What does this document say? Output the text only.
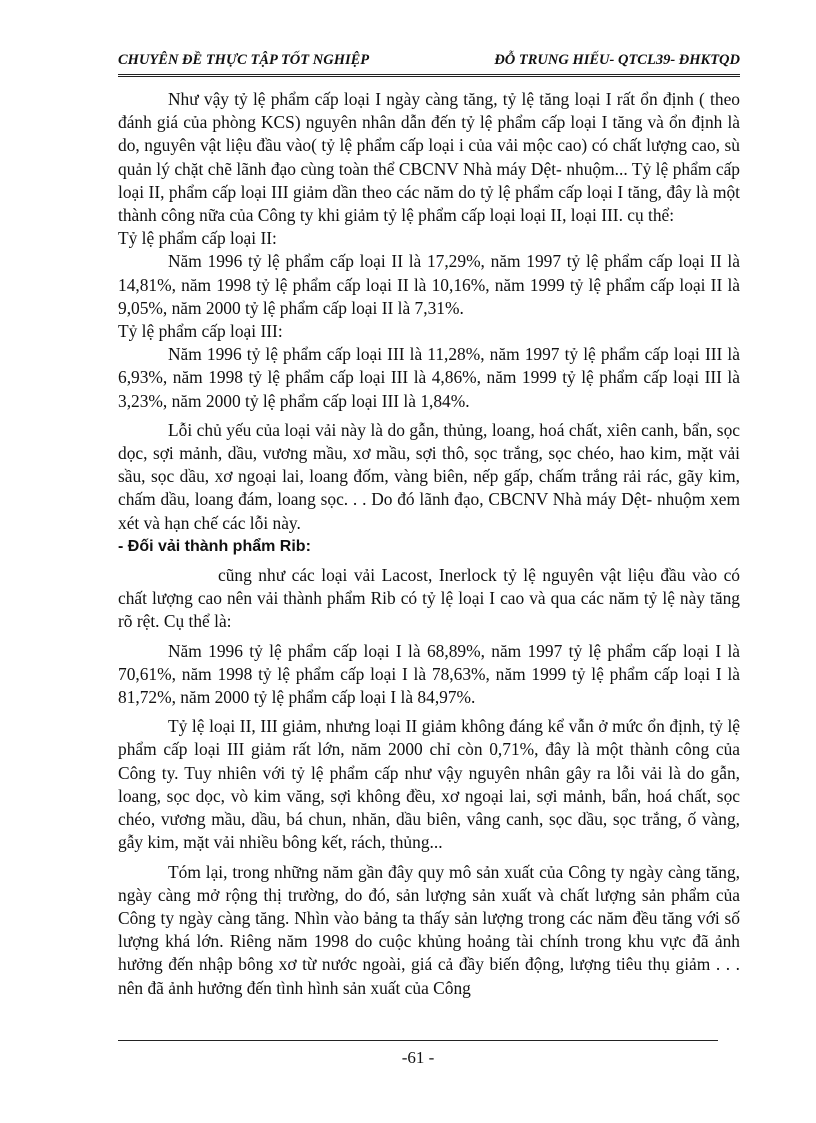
CHUYÊN ĐỀ THỰC TẬP TỐT NGHIỆP	ĐỖ TRUNG HIẾU- QTCL39- ĐHKTQD

Như vậy tỷ lệ phẩm cấp loại I ngày càng tăng, tỷ lệ tăng loại I rất ổn định ( theo đánh giá của phòng KCS) nguyên nhân dẫn đến tỷ lệ phẩm cấp loại I tăng và ổn định là do, nguyên vật liệu đầu vào( tỷ lệ phẩm cấp loại i của vải mộc cao) có chất lượng cao, sù quản lý chặt chẽ lãnh đạo cùng toàn thể CBCNV Nhà máy Dệt- nhuộm... Tỷ lệ phẩm cấp loại II, phẩm cấp loại III giảm dần theo các năm do tỷ lệ phẩm cấp loại I tăng, đây là một thành công nữa của Công ty khi giảm tỷ lệ phẩm cấp loại loại II, loại III. cụ thể:

Tỷ lệ phẩm cấp loại II:

Năm 1996 tỷ lệ phẩm cấp loại II là 17,29%, năm 1997 tỷ lệ phẩm cấp loại II là 14,81%, năm 1998 tỷ lệ phẩm cấp loại II là 10,16%, năm 1999 tỷ lệ phẩm cấp loại II là 9,05%, năm 2000 tỷ lệ phẩm cấp loại II là 7,31%.

Tỷ lệ phẩm cấp loại III:

Năm 1996 tỷ lệ phẩm cấp loại III là 11,28%, năm 1997 tỷ lệ phẩm cấp loại III là 6,93%, năm 1998 tỷ lệ phẩm cấp loại III là 4,86%, năm 1999 tỷ lệ phẩm cấp loại III là 3,23%, năm 2000 tỷ lệ phẩm cấp loại III là 1,84%.

Lỗi chủ yếu của loại vải này là do gẫn, thủng, loang, hoá chất, xiên canh, bẩn, sọc dọc, sợi mảnh, dầu, vương mầu, xơ mầu, sợi thô, sọc trắng, sọc chéo, hao kim, mặt vải sầu, sọc dầu, xơ ngoại lai, loang đốm, vàng biên, nếp gấp, chấm trắng rải rác, gãy kim, chấm dầu, loang đám, loang sọc. . . Do đó lãnh đạo, CBCNV Nhà máy Dệt- nhuộm xem xét và hạn chế các lỗi này.

- Đối vải thành phẩm Rib:

cũng như các loại vải Lacost, Inerlock tỷ lệ nguyên vật liệu đầu vào có chất lượng cao nên vải thành phẩm Rib có tỷ lệ loại I cao và qua các năm tỷ lệ này tăng rõ rệt. Cụ thể là:

Năm 1996 tỷ lệ phẩm cấp loại I là 68,89%, năm 1997 tỷ lệ phẩm cấp loại I là 70,61%, năm 1998 tỷ lệ phẩm cấp loại I là 78,63%, năm 1999 tỷ lệ phẩm cấp loại I là 81,72%, năm 2000 tỷ lệ phẩm cấp loại I là 84,97%.

Tỷ lệ loại II, III giảm, nhưng loại II giảm không đáng kể vẫn ở mức ổn định, tỷ lệ phẩm cấp loại III giảm rất lớn, năm 2000 chỉ còn 0,71%, đây là một thành công của Công ty. Tuy nhiên với tỷ lệ phẩm cấp như vậy nguyên nhân gây ra lỗi vải là do gẫn, loang, sọc dọc, vò kim văng, sợi không đều, xơ ngoại lai, sợi mảnh, bẩn, hoá chất, sọc chéo, vương mầu, dầu, bá chun, nhăn, dầu biên, vâng canh, sọc dầu, sọc trắng, ố vàng, gẫy kim, mặt vải nhiều bông kết, rách, thủng...

Tóm lại, trong những năm gần đây quy mô sản xuất của Công ty ngày càng tăng, ngày càng mở rộng thị trường, do đó, sản lượng sản xuất và chất lượng sản phẩm của Công ty ngày càng tăng. Nhìn vào bảng ta thấy sản lượng trong các năm đều tăng với số lượng khá lớn. Riêng năm 1998 do cuộc khủng hoảng tài chính trong khu vực đã ảnh hưởng đến nhập bông xơ từ nước ngoài, giá cả đầy biến động, lượng tiêu thụ giảm . . . nên đã ảnh hưởng đến tình hình sản xuất của Công

-61 -
